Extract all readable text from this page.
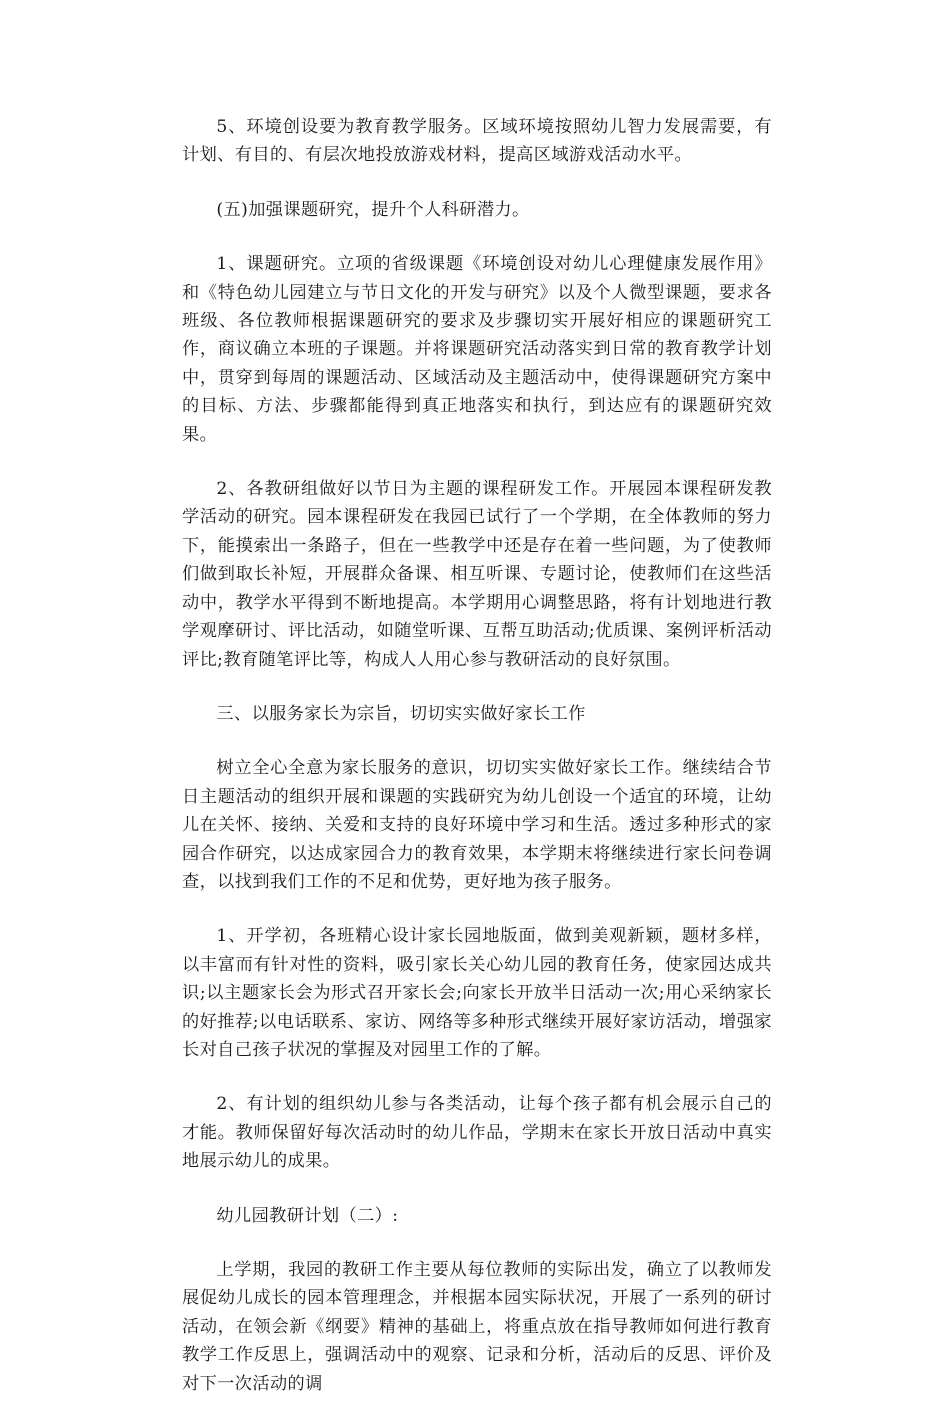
5、环境创设要为教育教学服务。区域环境按照幼儿智力发展需要，有计划、有目的、有层次地投放游戏材料，提高区域游戏活动水平。

(五)加强课题研究，提升个人科研潜力。

1、课题研究。立项的省级课题《环境创设对幼儿心理健康发展作用》和《特色幼儿园建立与节日文化的开发与研究》以及个人微型课题，要求各班级、各位教师根据课题研究的要求及步骤切实开展好相应的课题研究工作，商议确立本班的子课题。并将课题研究活动落实到日常的教育教学计划中，贯穿到每周的课题活动、区域活动及主题活动中，使得课题研究方案中的目标、方法、步骤都能得到真正地落实和执行，到达应有的课题研究效果。

2、各教研组做好以节日为主题的课程研发工作。开展园本课程研发教学活动的研究。园本课程研发在我园已试行了一个学期，在全体教师的努力下，能摸索出一条路子，但在一些教学中还是存在着一些问题，为了使教师们做到取长补短，开展群众备课、相互听课、专题讨论，使教师们在这些活动中，教学水平得到不断地提高。本学期用心调整思路，将有计划地进行教学观摩研讨、评比活动，如随堂听课、互帮互助活动;优质课、案例评析活动评比;教育随笔评比等，构成人人用心参与教研活动的良好氛围。

三、以服务家长为宗旨，切切实实做好家长工作

树立全心全意为家长服务的意识，切切实实做好家长工作。继续结合节日主题活动的组织开展和课题的实践研究为幼儿创设一个适宜的环境，让幼儿在关怀、接纳、关爱和支持的良好环境中学习和生活。透过多种形式的家园合作研究，以达成家园合力的教育效果，本学期末将继续进行家长问卷调查，以找到我们工作的不足和优势，更好地为孩子服务。

1、开学初，各班精心设计家长园地版面，做到美观新颖，题材多样，以丰富而有针对性的资料，吸引家长关心幼儿园的教育任务，使家园达成共识;以主题家长会为形式召开家长会;向家长开放半日活动一次;用心采纳家长的好推荐;以电话联系、家访、网络等多种形式继续开展好家访活动，增强家长对自己孩子状况的掌握及对园里工作的了解。

2、有计划的组织幼儿参与各类活动，让每个孩子都有机会展示自己的才能。教师保留好每次活动时的幼儿作品，学期末在家长开放日活动中真实地展示幼儿的成果。

幼儿园教研计划（二）:

上学期，我园的教研工作主要从每位教师的实际出发，确立了以教师发展促幼儿成长的园本管理理念，并根据本园实际状况，开展了一系列的研讨活动，在领会新《纲要》精神的基础上，将重点放在指导教师如何进行教育教学工作反思上，强调活动中的观察、记录和分析，活动后的反思、评价及对下一次活动的调
